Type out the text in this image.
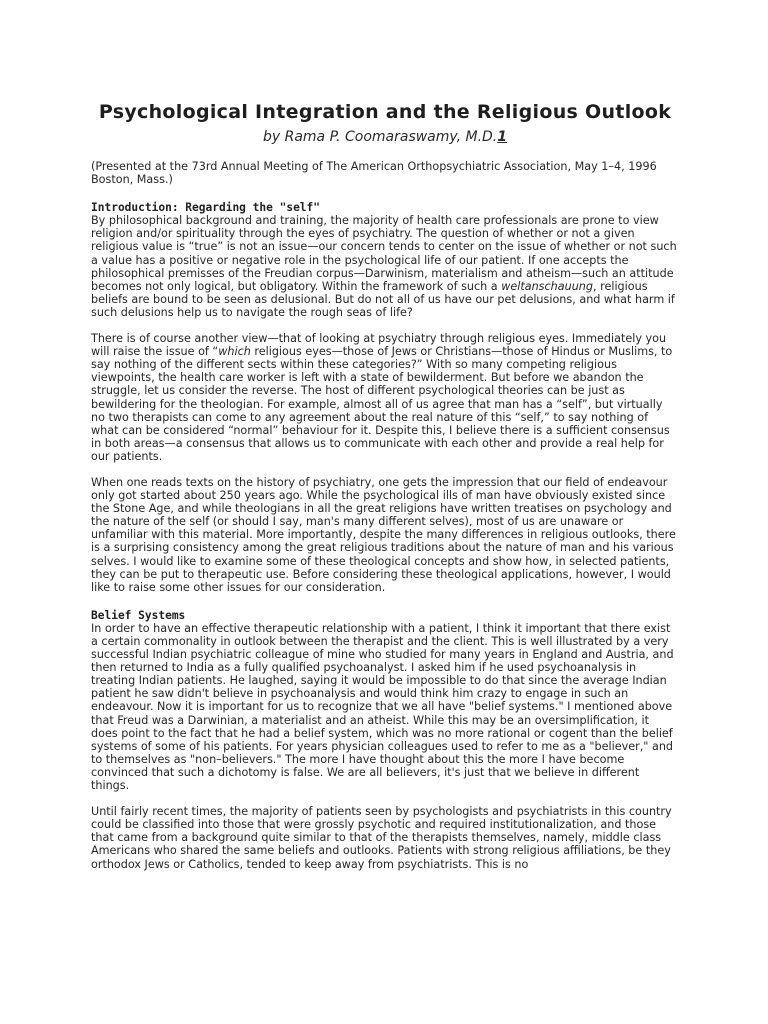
Psychological Integration and the Religious Outlook
by Rama P. Coomaraswamy, M.D.1

(Presented at the 73rd Annual Meeting of The American Orthopsychiatric Association, May 1–4, 1996 Boston, Mass.)

Introduction: Regarding the "self"

By philosophical background and training, the majority of health care professionals are prone to view religion and/or spirituality through the eyes of psychiatry. The question of whether or not a given religious value is “true” is not an issue—our concern tends to center on the issue of whether or not such a value has a positive or negative role in the psychological life of our patient. If one accepts the philosophical premisses of the Freudian corpus—Darwinism, materialism and atheism—such an attitude becomes not only logical, but obligatory. Within the framework of such a weltanschauung, religious beliefs are bound to be seen as delusional. But do not all of us have our pet delusions, and what harm if such delusions help us to navigate the rough seas of life?

There is of course another view—that of looking at psychiatry through religious eyes. Immediately you will raise the issue of “which religious eyes—those of Jews or Christians—those of Hindus or Muslims, to say nothing of the different sects within these categories?” With so many competing religious viewpoints, the health care worker is left with a state of bewilderment. But before we abandon the struggle, let us consider the reverse. The host of different psychological theories can be just as bewildering for the theologian. For example, almost all of us agree that man has a “self”, but virtually no two therapists can come to any agreement about the real nature of this “self,” to say nothing of what can be considered “normal” behaviour for it. Despite this, I believe there is a sufficient consensus in both areas—a consensus that allows us to communicate with each other and provide a real help for our patients.

When one reads texts on the history of psychiatry, one gets the impression that our field of endeavour only got started about 250 years ago. While the psychological ills of man have obviously existed since the Stone Age, and while theologians in all the great religions have written treatises on psychology and the nature of the self (or should I say, man's many different selves), most of us are unaware or unfamiliar with this material. More importantly, despite the many differences in religious outlooks, there is a surprising consistency among the great religious traditions about the nature of man and his various selves. I would like to examine some of these theological concepts and show how, in selected patients, they can be put to therapeutic use. Before considering these theological applications, however, I would like to raise some other issues for our consideration.

Belief Systems

In order to have an effective therapeutic relationship with a patient, I think it important that there exist a certain commonality in outlook between the therapist and the client. This is well illustrated by a very successful Indian psychiatric colleague of mine who studied for many years in England and Austria, and then returned to India as a fully qualified psychoanalyst. I asked him if he used psychoanalysis in treating Indian patients. He laughed, saying it would be impossible to do that since the average Indian patient he saw didn't believe in psychoanalysis and would think him crazy to engage in such an endeavour. Now it is important for us to recognize that we all have "belief systems." I mentioned above that Freud was a Darwinian, a materialist and an atheist. While this may be an oversimplification, it does point to the fact that he had a belief system, which was no more rational or cogent than the belief systems of some of his patients. For years physician colleagues used to refer to me as a "believer," and to themselves as "non–believers." The more I have thought about this the more I have become convinced that such a dichotomy is false. We are all believers, it's just that we believe in different things.

Until fairly recent times, the majority of patients seen by psychologists and psychiatrists in this country could be classified into those that were grossly psychotic and required institutionalization, and those that came from a background quite similar to that of the therapists themselves, namely, middle class Americans who shared the same beliefs and outlooks. Patients with strong religious affiliations, be they orthodox Jews or Catholics, tended to keep away from psychiatrists. This is no
